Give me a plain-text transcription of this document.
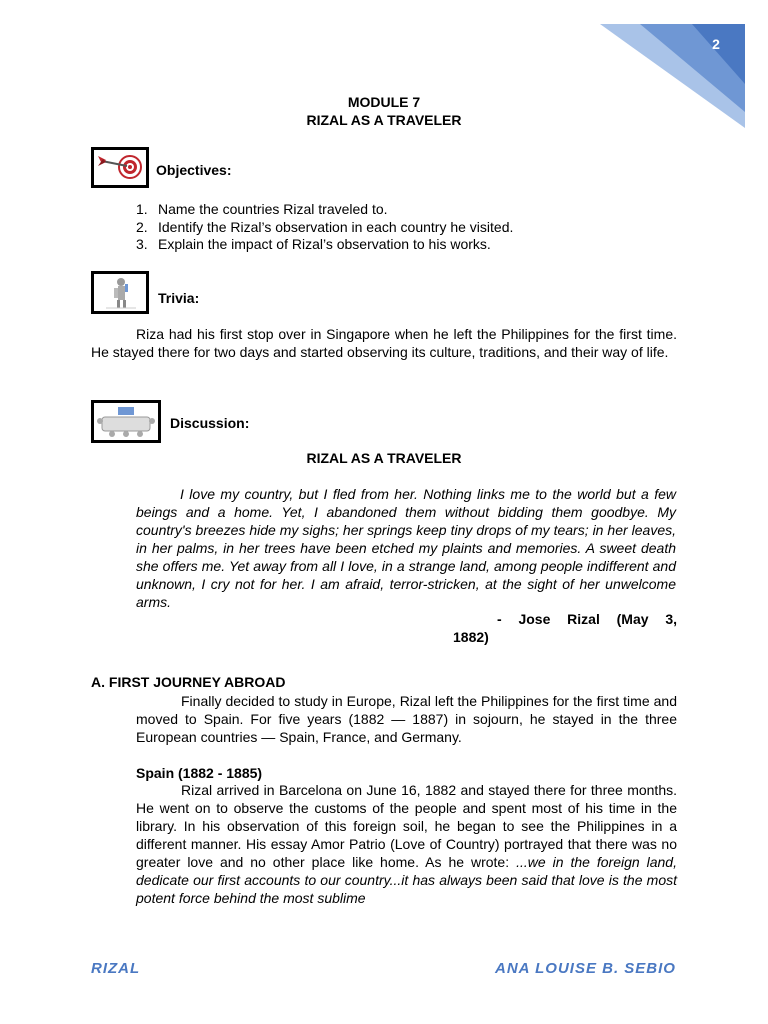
2
MODULE 7
RIZAL AS A TRAVELER
Objectives:
1. Name the countries Rizal traveled to.
2. Identify the Rizal’s observation in each country he visited.
3. Explain the impact of Rizal’s observation to his works.
Trivia:
Riza had his first stop over in Singapore when he left the Philippines for the first time. He stayed there for two days and started observing its culture, traditions, and their way of life.
Discussion:
RIZAL AS A TRAVELER
I love my country, but I fled from her. Nothing links me to the world but a few beings and a home. Yet, I abandoned them without bidding them goodbye. My country's breezes hide my sighs; her springs keep tiny drops of my tears; in her leaves, in her palms, in her trees have been etched my plaints and memories. A sweet death she offers me. Yet away from all I love, in a strange land, among people indifferent and unknown, I cry not for her. I am afraid, terror-stricken, at the sight of her unwelcome arms.
- Jose Rizal (May 3,
1882)
A. FIRST JOURNEY ABROAD
Finally decided to study in Europe, Rizal left the Philippines for the first time and moved to Spain. For five years (1882 — 1887) in sojourn, he stayed in the three European countries — Spain, France, and Germany.
Spain (1882 - 1885)
Rizal arrived in Barcelona on June 16, 1882 and stayed there for three months. He went on to observe the customs of the people and spent most of his time in the library. In his observation of this foreign soil, he began to see the Philippines in a different manner. His essay Amor Patrio (Love of Country) portrayed that there was no greater love and no other place like home. As he wrote: ...we in the foreign land, dedicate our first accounts to our country...it has always been said that love is the most potent force behind the most sublime
RIZAL	ANA LOUISE B. SEBIO
